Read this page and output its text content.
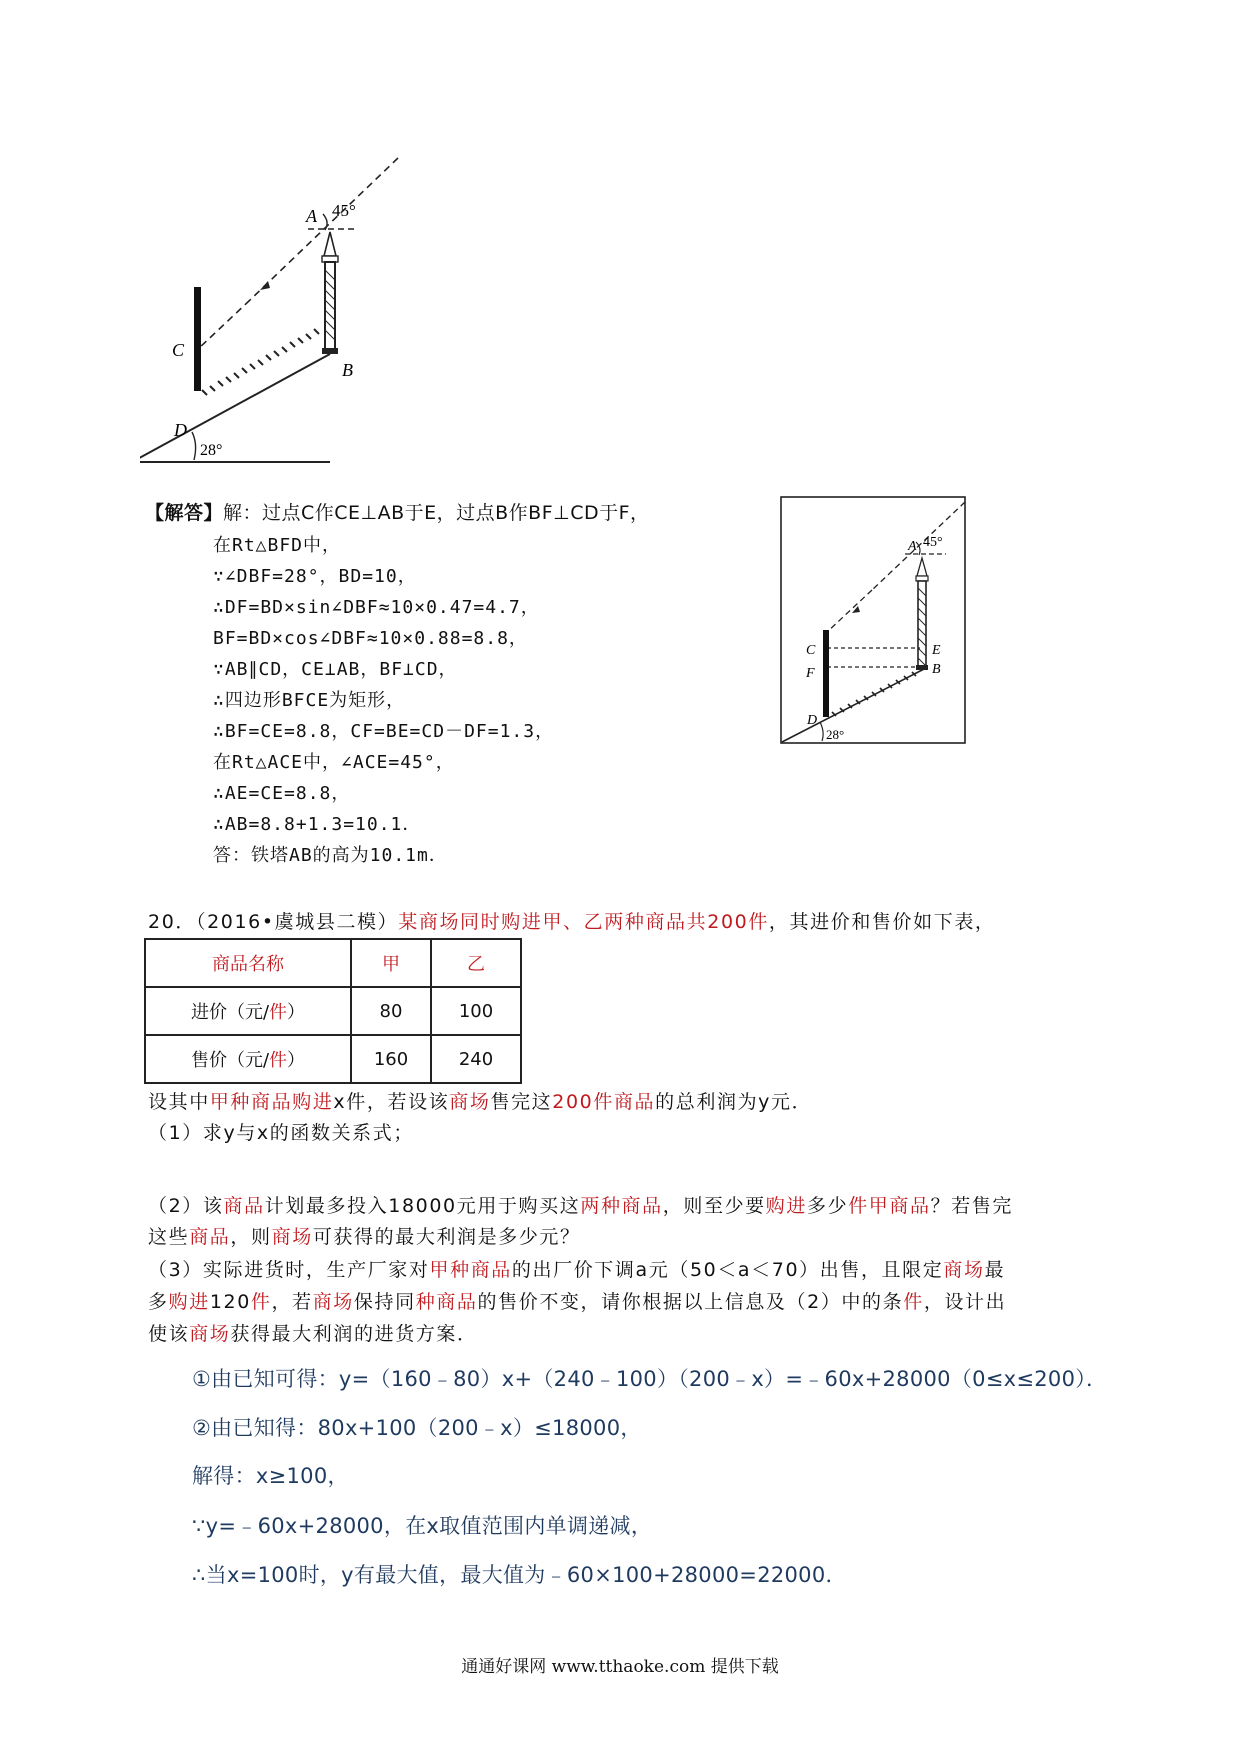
45°
A
B
C
D
28°
【解答】解：过点C作CE⊥AB于E，过点B作BF⊥CD于F，
在Rt△BFD中，
∵∠DBF=28°，BD=10，
∴DF=BD×sin∠DBF≈10×0.47=4.7，
BF=BD×cos∠DBF≈10×0.88=8.8，
∵AB∥CD，CE⊥AB，BF⊥CD，
∴四边形BFCE为矩形，
∴BF=CE=8.8，CF=BE=CD－DF=1.3，
在Rt△ACE中，∠ACE=45°，
∴AE=CE=8.8，
∴AB=8.8+1.3=10.1．
答：铁塔AB的高为10.1m．
45°
A
E
B
C
F
D
28°
20．（2016•虞城县二模）某商场同时购进甲、乙两种商品共200件，其进价和售价如下表，
商品名称	甲	乙
进价（元/件）	80	100
售价（元/件）	160	240
设其中甲种商品购进x件，若设该商场售完这200件商品的总利润为y元．
（1）求y与x的函数关系式；
（2）该商品计划最多投入18000元用于购买这两种商品，则至少要购进多少件甲商品？若售完
这些商品，则商场可获得的最大利润是多少元？
（3）实际进货时，生产厂家对甲种商品的出厂价下调a元（50＜a＜70）出售，且限定商场最
多购进120件，若商场保持同种商品的售价不变，请你根据以上信息及（2）中的条件，设计出
使该商场获得最大利润的进货方案．
①由已知可得：y=（160﹣80）x+（240﹣100）（200﹣x）=﹣60x+28000（0≤x≤200）．
②由已知得：80x+100（200﹣x）≤18000，
解得：x≥100，
∵y=﹣60x+28000，在x取值范围内单调递减，
∴当x=100时，y有最大值，最大值为﹣60×100+28000=22000．
通通好课网 www.tthaoke.com 提供下载
